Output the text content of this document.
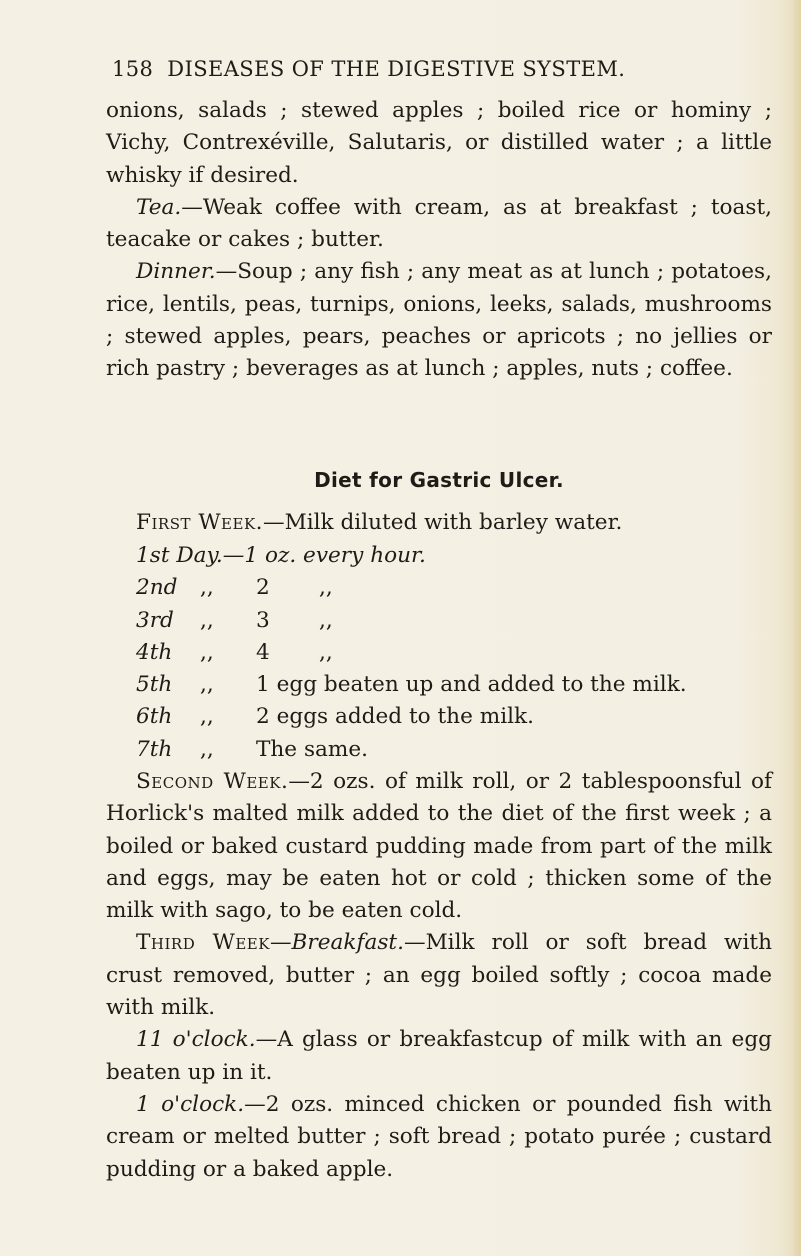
158 DISEASES OF THE DIGESTIVE SYSTEM.

onions, salads ; stewed apples ; boiled rice or hominy ; Vichy, Contrexéville, Salutaris, or distilled water ; a little whisky if desired.

Tea.—Weak coffee with cream, as at breakfast ; toast, teacake or cakes ; butter.

Dinner.—Soup ; any fish ; any meat as at lunch ; potatoes, rice, lentils, peas, turnips, onions, leeks, salads, mushrooms ; stewed apples, pears, peaches or apricots ; no jellies or rich pastry ; beverages as at lunch ; apples, nuts ; coffee.

Diet for Gastric Ulcer.

First Week.—Milk diluted with barley water.

1st Day.—1 oz. every hour.
2nd	,, 2 ,,
3rd	,, 3 ,,
4th	,, 4 ,,
5th	,, 1 egg beaten up and added to the milk.
6th	,, 2 eggs added to the milk.
7th	,, The same.

Second Week.—2 ozs. of milk roll, or 2 tablespoonsful of Horlick's malted milk added to the diet of the first week ; a boiled or baked custard pudding made from part of the milk and eggs, may be eaten hot or cold ; thicken some of the milk with sago, to be eaten cold.

Third Week—Breakfast.—Milk roll or soft bread with crust removed, butter ; an egg boiled softly ; cocoa made with milk.

11 o'clock.—A glass or breakfastcup of milk with an egg beaten up in it.

1 o'clock.—2 ozs. minced chicken or pounded fish with cream or melted butter ; soft bread ; potato purée ; custard pudding or a baked apple.
